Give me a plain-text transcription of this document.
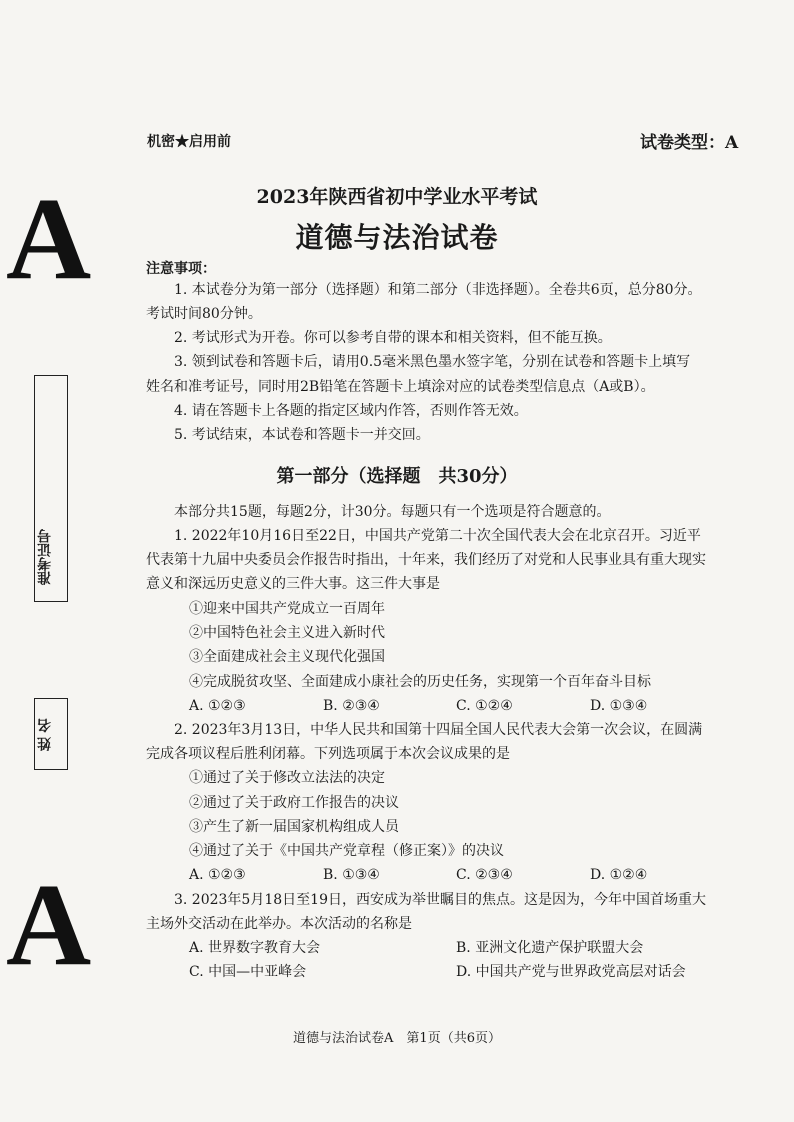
A
A
准考证号
姓 名
机密★启用前	试卷类型：A
2023年陕西省初中学业水平考试
道德与法治试卷
注意事项：
1. 本试卷分为第一部分（选择题）和第二部分（非选择题）。全卷共6页，总分80分。
考试时间80分钟。
2. 考试形式为开卷。你可以参考自带的课本和相关资料，但不能互换。
3. 领到试卷和答题卡后，请用0.5毫米黑色墨水签字笔，分别在试卷和答题卡上填写
姓名和准考证号，同时用2B铅笔在答题卡上填涂对应的试卷类型信息点（A或B）。
4. 请在答题卡上各题的指定区域内作答，否则作答无效。
5. 考试结束，本试卷和答题卡一并交回。
第一部分（选择题　共30分）
本部分共15题，每题2分，计30分。每题只有一个选项是符合题意的。
1. 2022年10月16日至22日，中国共产党第二十次全国代表大会在北京召开。习近平
代表第十九届中央委员会作报告时指出，十年来，我们经历了对党和人民事业具有重大现实
意义和深远历史意义的三件大事。这三件大事是
①迎来中国共产党成立一百周年
②中国特色社会主义进入新时代
③全面建成社会主义现代化强国
④完成脱贫攻坚、全面建成小康社会的历史任务，实现第一个百年奋斗目标
A. ①②③	B. ②③④	C. ①②④	D. ①③④
2. 2023年3月13日，中华人民共和国第十四届全国人民代表大会第一次会议，在圆满
完成各项议程后胜利闭幕。下列选项属于本次会议成果的是
①通过了关于修改立法法的决定
②通过了关于政府工作报告的决议
③产生了新一届国家机构组成人员
④通过了关于《中国共产党章程（修正案）》的决议
A. ①②③	B. ①③④	C. ②③④	D. ①②④
3. 2023年5月18日至19日，西安成为举世瞩目的焦点。这是因为，今年中国首场重大
主场外交活动在此举办。本次活动的名称是
A. 世界数字教育大会	B. 亚洲文化遗产保护联盟大会
C. 中国—中亚峰会	D. 中国共产党与世界政党高层对话会
道德与法治试卷A　第1页（共6页）
